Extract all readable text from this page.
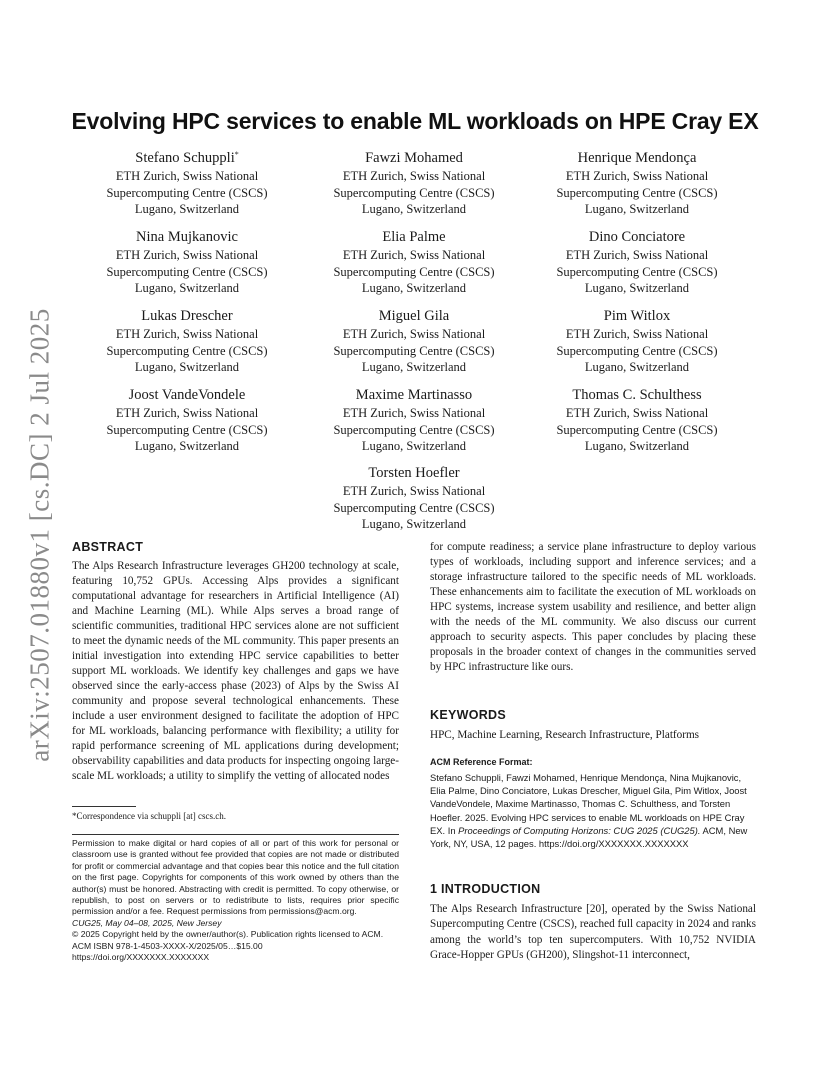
arXiv:2507.01880v1 [cs.DC] 2 Jul 2025
Evolving HPC services to enable ML workloads on HPE Cray EX
Stefano Schuppli*
ETH Zurich, Swiss National
Supercomputing Centre (CSCS)
Lugano, Switzerland
Fawzi Mohamed
ETH Zurich, Swiss National
Supercomputing Centre (CSCS)
Lugano, Switzerland
Henrique Mendonça
ETH Zurich, Swiss National
Supercomputing Centre (CSCS)
Lugano, Switzerland
Nina Mujkanovic
ETH Zurich, Swiss National
Supercomputing Centre (CSCS)
Lugano, Switzerland
Elia Palme
ETH Zurich, Swiss National
Supercomputing Centre (CSCS)
Lugano, Switzerland
Dino Conciatore
ETH Zurich, Swiss National
Supercomputing Centre (CSCS)
Lugano, Switzerland
Lukas Drescher
ETH Zurich, Swiss National
Supercomputing Centre (CSCS)
Lugano, Switzerland
Miguel Gila
ETH Zurich, Swiss National
Supercomputing Centre (CSCS)
Lugano, Switzerland
Pim Witlox
ETH Zurich, Swiss National
Supercomputing Centre (CSCS)
Lugano, Switzerland
Joost VandeVondele
ETH Zurich, Swiss National
Supercomputing Centre (CSCS)
Lugano, Switzerland
Maxime Martinasso
ETH Zurich, Swiss National
Supercomputing Centre (CSCS)
Lugano, Switzerland
Thomas C. Schulthess
ETH Zurich, Swiss National
Supercomputing Centre (CSCS)
Lugano, Switzerland
Torsten Hoefler
ETH Zurich, Swiss National
Supercomputing Centre (CSCS)
Lugano, Switzerland
ABSTRACT

The Alps Research Infrastructure leverages GH200 technology at scale, featuring 10,752 GPUs. Accessing Alps provides a significant computational advantage for researchers in Artificial Intelligence (AI) and Machine Learning (ML). While Alps serves a broad range of scientific communities, traditional HPC services alone are not sufficient to meet the dynamic needs of the ML community. This paper presents an initial investigation into extending HPC service capabilities to better support ML workloads. We identify key challenges and gaps we have observed since the early-access phase (2023) of Alps by the Swiss AI community and propose several technological enhancements. These include a user environment designed to facilitate the adoption of HPC for ML workloads, balancing performance with flexibility; a utility for rapid performance screening of ML applications during development; observability capabilities and data products for inspecting ongoing large-scale ML workloads; a utility to simplify the vetting of allocated nodes

for compute readiness; a service plane infrastructure to deploy various types of workloads, including support and inference services; and a storage infrastructure tailored to the specific needs of ML workloads. These enhancements aim to facilitate the execution of ML workloads on HPC systems, increase system usability and resilience, and better align with the needs of the ML community. We also discuss our current approach to security aspects. This paper concludes by placing these proposals in the broader context of changes in the communities served by HPC infrastructure like ours.

KEYWORDS
HPC, Machine Learning, Research Infrastructure, Platforms
ACM Reference Format:
Stefano Schuppli, Fawzi Mohamed, Henrique Mendonça, Nina Mujkanovic, Elia Palme, Dino Conciatore, Lukas Drescher, Miguel Gila, Pim Witlox, Joost VandeVondele, Maxime Martinasso, Thomas C. Schulthess, and Torsten Hoefler. 2025. Evolving HPC services to enable ML workloads on HPE Cray EX. In Proceedings of Computing Horizons: CUG 2025 (CUG25). ACM, New York, NY, USA, 12 pages. https://doi.org/XXXXXXX.XXXXXXX
1 INTRODUCTION
The Alps Research Infrastructure [20], operated by the Swiss National Supercomputing Centre (CSCS), reached full capacity in 2024 and ranks among the world’s top ten supercomputers. With 10,752 NVIDIA Grace-Hopper GPUs (GH200), Slingshot-11 interconnect,
*Correspondence via schuppli [at] cscs.ch.
Permission to make digital or hard copies of all or part of this work for personal or classroom use is granted without fee provided that copies are not made or distributed for profit or commercial advantage and that copies bear this notice and the full citation on the first page. Copyrights for components of this work owned by others than the author(s) must be honored. Abstracting with credit is permitted. To copy otherwise, or republish, to post on servers or to redistribute to lists, requires prior specific permission and/or a fee. Request permissions from permissions@acm.org.
CUG25, May 04–08, 2025, New Jersey
© 2025 Copyright held by the owner/author(s). Publication rights licensed to ACM.
ACM ISBN 978-1-4503-XXXX-X/2025/05…$15.00
https://doi.org/XXXXXXX.XXXXXXX
